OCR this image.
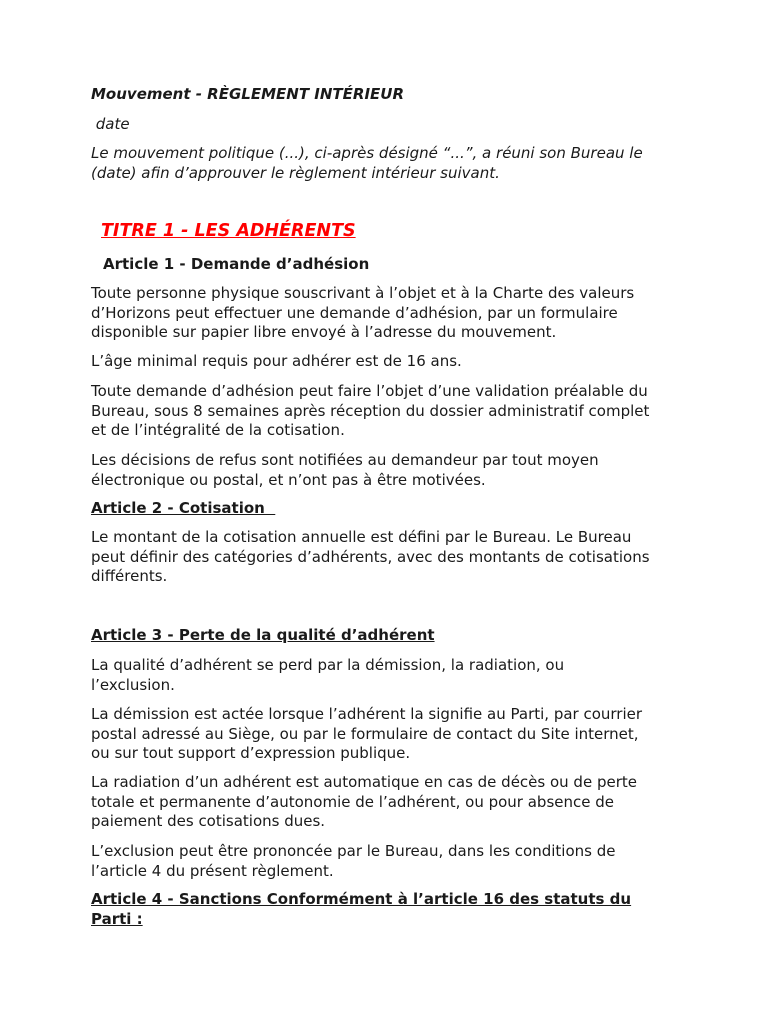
Mouvement - RÈGLEMENT INTÉRIEUR

date

Le mouvement politique (...), ci-après désigné “...”, a réuni son Bureau le
(date) afin d’approuver le règlement intérieur suivant.

TITRE 1 - LES ADHÉRENTS

Article 1 - Demande d’adhésion

Toute personne physique souscrivant à l’objet et à la Charte des valeurs
d’Horizons peut effectuer une demande d’adhésion, par un formulaire
disponible sur papier libre envoyé à l’adresse du mouvement.

L’âge minimal requis pour adhérer est de 16 ans.

Toute demande d’adhésion peut faire l’objet d’une validation préalable du
Bureau, sous 8 semaines après réception du dossier administratif complet
et de l’intégralité de la cotisation.

Les décisions de refus sont notifiées au demandeur par tout moyen
électronique ou postal, et n’ont pas à être motivées.

Article 2 - Cotisation

Le montant de la cotisation annuelle est défini par le Bureau. Le Bureau
peut définir des catégories d’adhérents, avec des montants de cotisations
différents.

Article 3 - Perte de la qualité d’adhérent

La qualité d’adhérent se perd par la démission, la radiation, ou
l’exclusion.

La démission est actée lorsque l’adhérent la signifie au Parti, par courrier
postal adressé au Siège, ou par le formulaire de contact du Site internet,
ou sur tout support d’expression publique.

La radiation d’un adhérent est automatique en cas de décès ou de perte
totale et permanente d’autonomie de l’adhérent, ou pour absence de
paiement des cotisations dues.

L’exclusion peut être prononcée par le Bureau, dans les conditions de
l’article 4 du présent règlement.

Article 4 - Sanctions Conformément à l’article 16 des statuts du
Parti :
